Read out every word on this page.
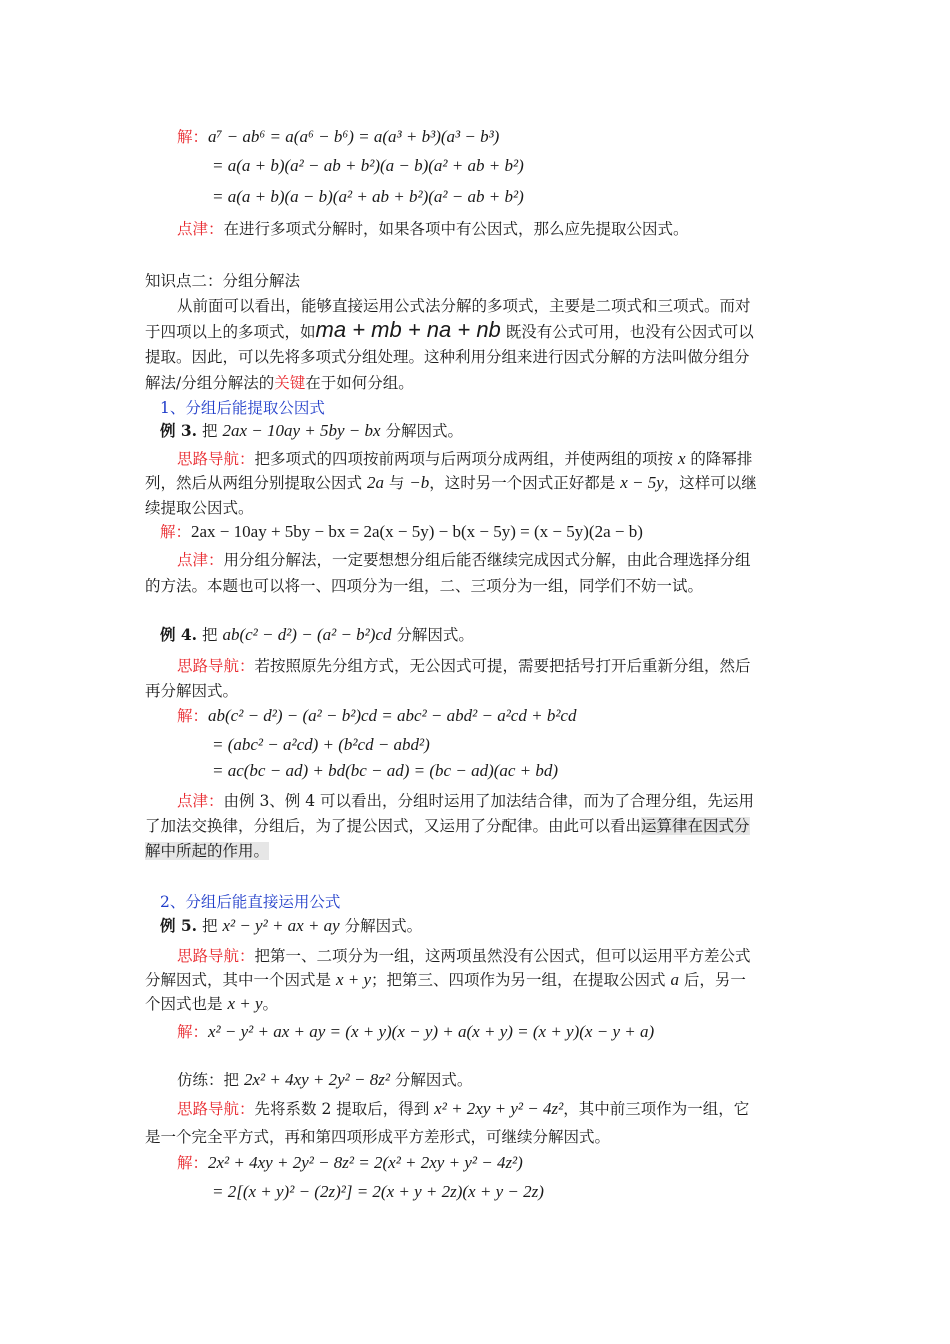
解：a⁷ − ab⁶ = a(a⁶ − b⁶) = a(a³ + b³)(a³ − b³)
= a(a + b)(a² − ab + b²)(a − b)(a² + ab + b²)
= a(a + b)(a − b)(a² + ab + b²)(a² − ab + b²)
点津：在进行多项式分解时，如果各项中有公因式，那么应先提取公因式。
知识点二：分组分解法
从前面可以看出，能够直接运用公式法分解的多项式，主要是二项式和三项式。而对
于四项以上的多项式，如ma + mb + na + nb 既没有公式可用，也没有公因式可以
提取。因此，可以先将多项式分组处理。这种利用分组来进行因式分解的方法叫做分组分
解法/分组分解法的关键在于如何分组。
1、分组后能提取公因式
例 3. 把 2ax − 10ay + 5by − bx 分解因式。
思路导航：把多项式的四项按前两项与后两项分成两组，并使两组的项按 x 的降幂排
列，然后从两组分别提取公因式 2a 与 −b，这时另一个因式正好都是 x − 5y，这样可以继
续提取公因式。
解：2ax − 10ay + 5by − bx = 2a(x − 5y) − b(x − 5y) = (x − 5y)(2a − b)
点津：用分组分解法，一定要想想分组后能否继续完成因式分解，由此合理选择分组
的方法。本题也可以将一、四项分为一组，二、三项分为一组，同学们不妨一试。
例 4. 把 ab(c² − d²) − (a² − b²)cd 分解因式。
思路导航：若按照原先分组方式，无公因式可提，需要把括号打开后重新分组，然后
再分解因式。
解：ab(c² − d²) − (a² − b²)cd = abc² − abd² − a²cd + b²cd
= (abc² − a²cd) + (b²cd − abd²)
= ac(bc − ad) + bd(bc − ad) = (bc − ad)(ac + bd)
点津：由例 3、例 4 可以看出，分组时运用了加法结合律，而为了合理分组，先运用
了加法交换律，分组后，为了提公因式，又运用了分配律。由此可以看出运算律在因式分
解中所起的作用。
2、分组后能直接运用公式
例 5. 把 x² − y² + ax + ay 分解因式。
思路导航：把第一、二项分为一组，这两项虽然没有公因式，但可以运用平方差公式
分解因式，其中一个因式是 x + y；把第三、四项作为另一组，在提取公因式 a 后，另一
个因式也是 x + y。
解：x² − y² + ax + ay = (x + y)(x − y) + a(x + y) = (x + y)(x − y + a)
仿练：把 2x² + 4xy + 2y² − 8z² 分解因式。
思路导航：先将系数 2 提取后，得到 x² + 2xy + y² − 4z²，其中前三项作为一组，它
是一个完全平方式，再和第四项形成平方差形式，可继续分解因式。
解：2x² + 4xy + 2y² − 8z² = 2(x² + 2xy + y² − 4z²)
= 2[(x + y)² − (2z)²] = 2(x + y + 2z)(x + y − 2z)
